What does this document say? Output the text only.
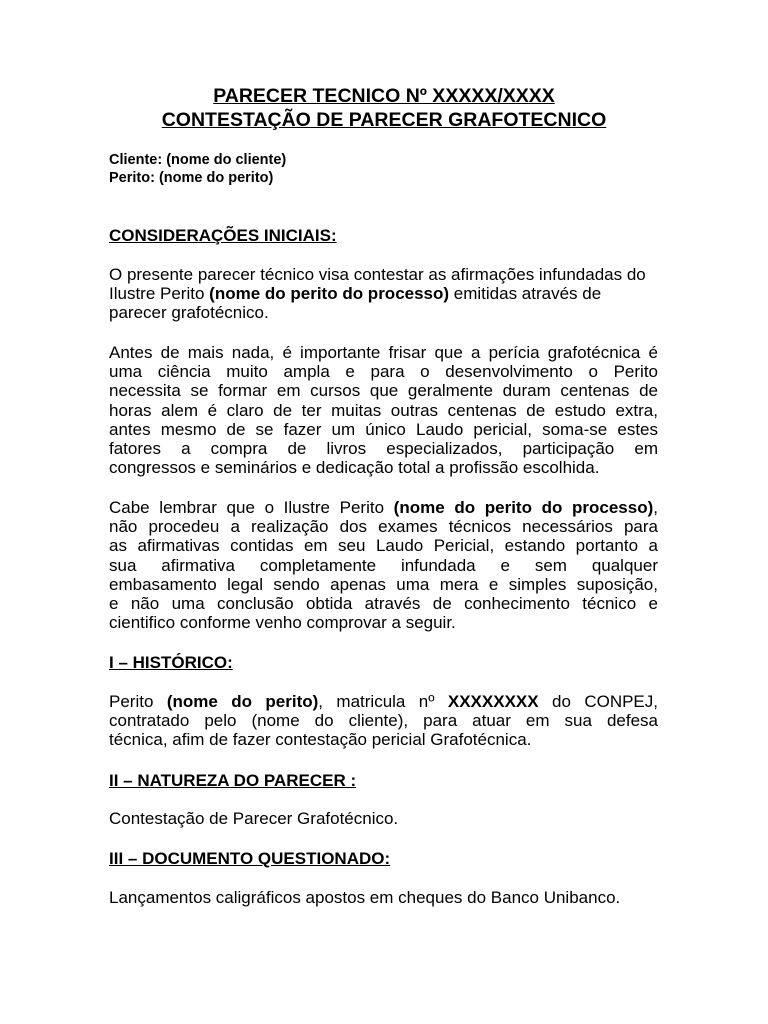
PARECER TECNICO Nº XXXXX/XXXX
CONTESTAÇÃO DE PARECER GRAFOTECNICO
Cliente: (nome do cliente)
Perito: (nome do perito)
CONSIDERAÇÕES INICIAIS:

O presente parecer técnico visa contestar as afirmações infundadas do Ilustre Perito (nome do perito do processo) emitidas através de parecer grafotécnico.

Antes de mais nada, é importante frisar que a perícia grafotécnica é
uma ciência muito ampla e para o desenvolvimento o Perito
necessita se formar em cursos que geralmente duram centenas de
horas alem é claro de ter muitas outras centenas de estudo extra,
antes mesmo de se fazer um único Laudo pericial, soma-se estes
fatores a compra de livros especializados, participação em
congressos e seminários e dedicação total a profissão escolhida.

Cabe lembrar que o Ilustre Perito (nome do perito do processo),
não procedeu a realização dos exames técnicos necessários para
as afirmativas contidas em seu Laudo Pericial, estando portanto a
sua afirmativa completamente infundada e sem qualquer
embasamento legal sendo apenas uma mera e simples suposição,
e não uma conclusão obtida através de conhecimento técnico e
cientifico conforme venho comprovar a seguir.

I – HISTÓRICO:

Perito (nome do perito), matricula nº XXXXXXXX do CONPEJ,
contratado pelo (nome do cliente), para atuar em sua defesa
técnica, afim de fazer contestação pericial Grafotécnica.

II – NATUREZA DO PARECER :

Contestação de Parecer Grafotécnico.

III – DOCUMENTO QUESTIONADO:

Lançamentos caligráficos apostos em cheques do Banco Unibanco.
